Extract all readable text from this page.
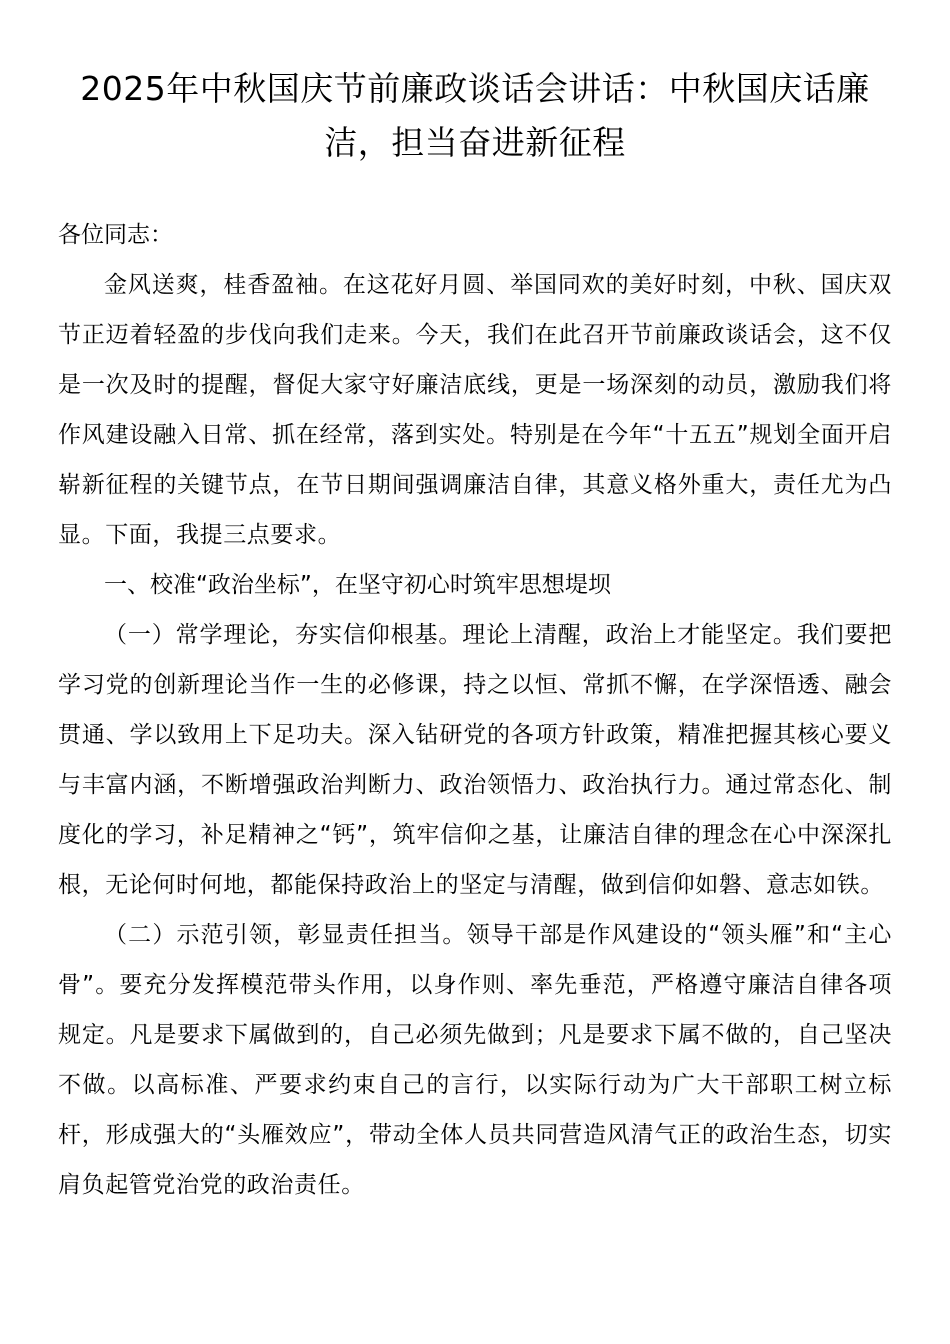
2025年中秋国庆节前廉政谈话会讲话：中秋国庆话廉洁，担当奋进新征程

各位同志：

金风送爽，桂香盈袖。在这花好月圆、举国同欢的美好时刻，中秋、国庆双节正迈着轻盈的步伐向我们走来。今天，我们在此召开节前廉政谈话会，这不仅是一次及时的提醒，督促大家守好廉洁底线，更是一场深刻的动员，激励我们将作风建设融入日常、抓在经常，落到实处。特别是在今年“十五五”规划全面开启崭新征程的关键节点，在节日期间强调廉洁自律，其意义格外重大，责任尤为凸显。下面，我提三点要求。

一、校准“政治坐标”，在坚守初心时筑牢思想堤坝

（一）常学理论，夯实信仰根基。理论上清醒，政治上才能坚定。我们要把学习党的创新理论当作一生的必修课，持之以恒、常抓不懈，在学深悟透、融会贯通、学以致用上下足功夫。深入钻研党的各项方针政策，精准把握其核心要义与丰富内涵，不断增强政治判断力、政治领悟力、政治执行力。通过常态化、制度化的学习，补足精神之“钙”，筑牢信仰之基，让廉洁自律的理念在心中深深扎根，无论何时何地，都能保持政治上的坚定与清醒，做到信仰如磐、意志如铁。

（二）示范引领，彰显责任担当。领导干部是作风建设的“领头雁”和“主心骨”。要充分发挥模范带头作用，以身作则、率先垂范，严格遵守廉洁自律各项规定。凡是要求下属做到的，自己必须先做到；凡是要求下属不做的，自己坚决不做。以高标准、严要求约束自己的言行，以实际行动为广大干部职工树立标杆，形成强大的“头雁效应”，带动全体人员共同营造风清气正的政治生态，切实肩负起管党治党的政治责任。
